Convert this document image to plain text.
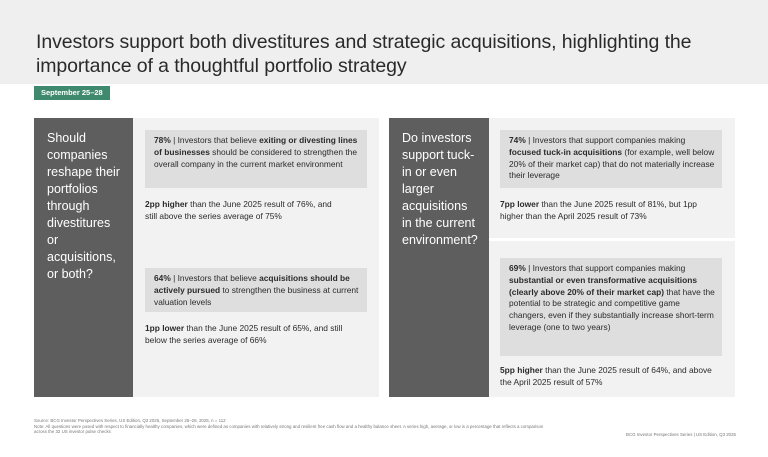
Investors support both divestitures and strategic acquisitions, highlighting the importance of a thoughtful portfolio strategy
September 25–28
Should companies reshape their portfolios through divestitures or acquisitions, or both?
78% | Investors that believe exiting or divesting lines of businesses should be considered to strengthen the overall company in the current market environment
2pp higher than the June 2025 result of 76%, and still above the series average of 75%
64% | Investors that believe acquisitions should be actively pursued to strengthen the business at current valuation levels
1pp lower than the June 2025 result of 65%, and still below the series average of 66%
Do investors support tuck-in or even larger acquisitions in the current environment?
74% | Investors that support companies making focused tuck-in acquisitions (for example, well below 20% of their market cap) that do not materially increase their leverage
7pp lower than the June 2025 result of 81%, but 1pp higher than the April 2025 result of 73%
69% | Investors that support companies making substantial or even transformative acquisitions (clearly above 20% of their market cap) that have the potential to be strategic and competitive game changers, even if they substantially increase short-term leverage (one to two years)
5pp higher than the June 2025 result of 64%, and above the April 2025 result of 57%
Source: BCG Investor Perspectives Series, US Edition, Q3 2025, September 25–28, 2025, n = 112
Note: All questions were posed with respect to financially healthy companies, which were defined as companies with relatively strong and resilient free cash flow and a healthy balance sheet. A series high, average, or low is a percentage that reflects a comparison across the 32 US investor pulse checks
BCG Investor Perspectives Series | US Edition, Q3 2025
